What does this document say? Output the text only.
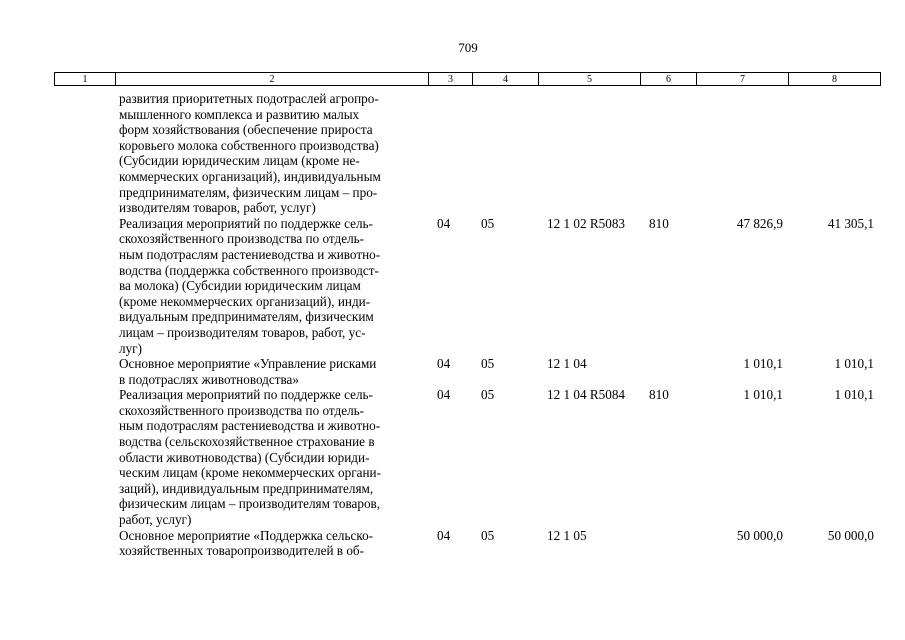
709
1	2	3	4	5	6	7	8
развития приоритетных подотраслей агропро-
мышленного комплекса и развитию малых
форм хозяйствования (обеспечение прироста
коровьего молока собственного производства)
(Субсидии юридическим лицам (кроме не-
коммерческих организаций), индивидуальным
предпринимателям, физическим лицам – про-
изводителям товаров, работ, услуг)
Реализация мероприятий по поддержке сель-
скохозяйственного производства по отдель-
ным подотраслям растениеводства и животно-
водства (поддержка собственного производст-
ва молока) (Субсидии юридическим лицам
(кроме некоммерческих организаций), инди-
видуальным предпринимателям, физическим
лицам – производителям товаров, работ, ус-
луг)
04 05	12 1 02 R5083 810	47 826,9	41 305,1
Основное мероприятие «Управление рисками
в подотраслях животноводства»
04 05	12 1 04	1 010,1	1 010,1
Реализация мероприятий по поддержке сель-
скохозяйственного производства по отдель-
ным подотраслям растениеводства и животно-
водства (сельскохозяйственное страхование в
области животноводства) (Субсидии юриди-
ческим лицам (кроме некоммерческих органи-
заций), индивидуальным предпринимателям,
физическим лицам – производителям товаров,
работ, услуг)
04 05	12 1 04 R5084 810	1 010,1	1 010,1
Основное мероприятие «Поддержка сельско-
хозяйственных товаропроизводителей в об-
04 05	12 1 05	50 000,0	50 000,0
